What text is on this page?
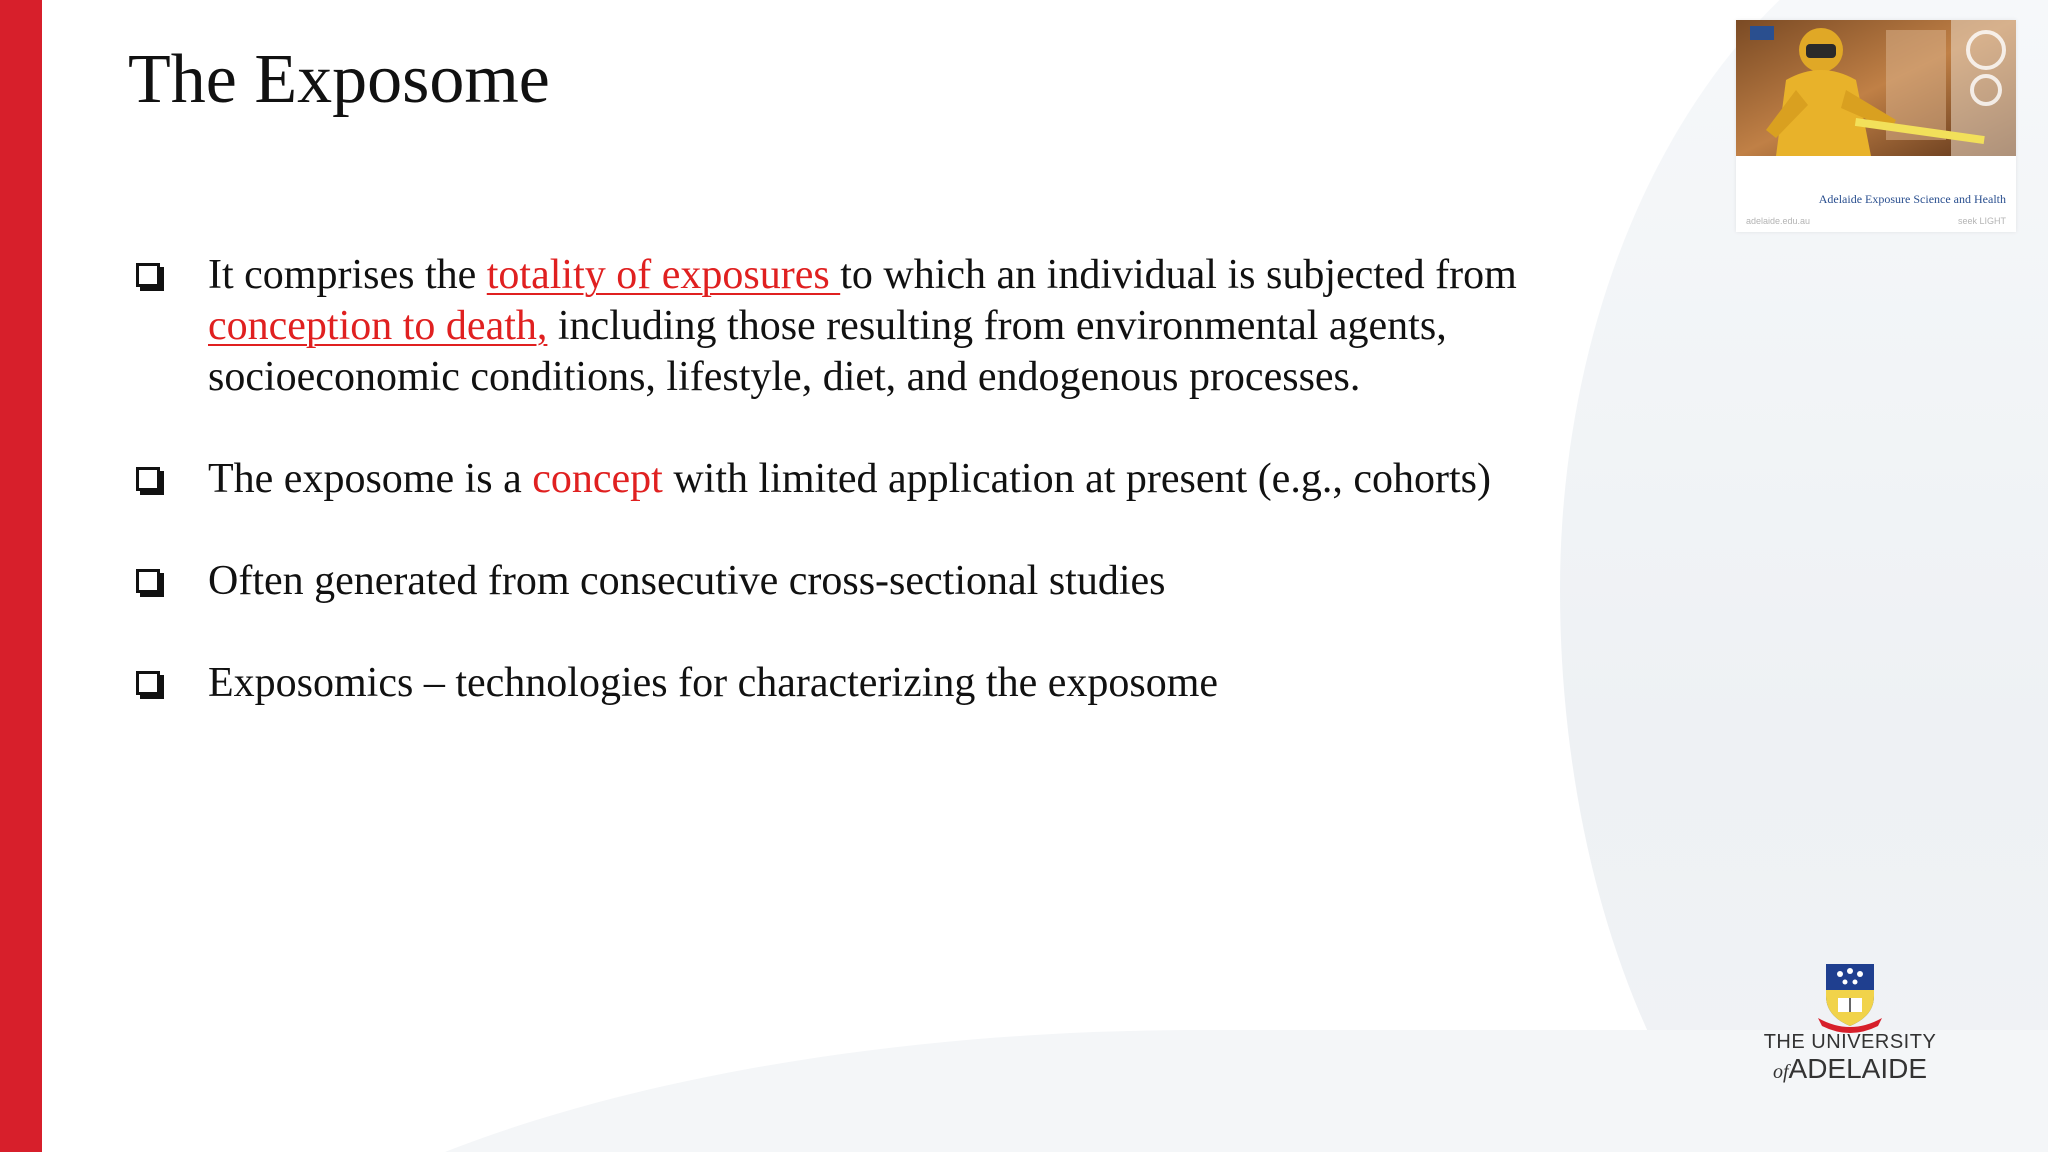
The Exposome
It comprises the totality of exposures to which an individual is subjected from conception to death, including those resulting from environmental agents, socioeconomic conditions, lifestyle, diet, and endogenous processes.
The exposome is a concept with limited application at present (e.g., cohorts)
Often generated from consecutive cross-sectional studies
Exposomics – technologies for characterizing the exposome
Adelaide Exposure Science and Health
adelaide.edu.au	seek LIGHT
THE UNIVERSITY
ofADELAIDE
